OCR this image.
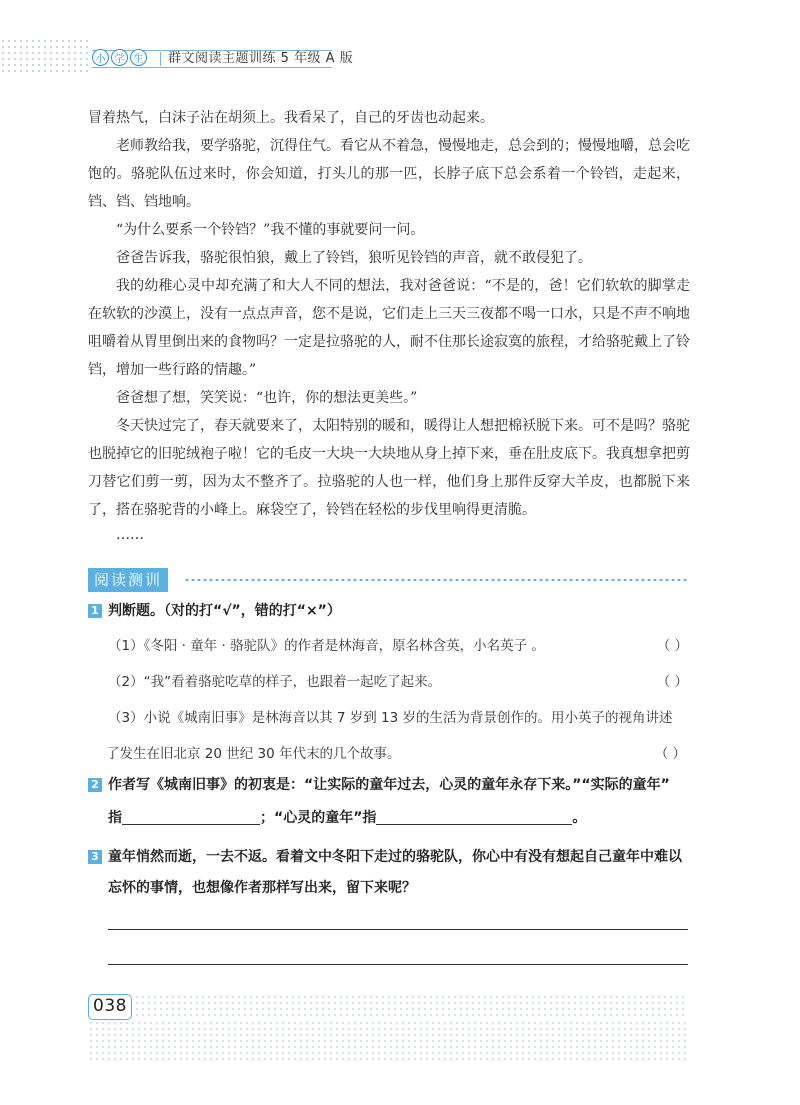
小 学 生 群文阅读主题训练 5 年级 A 版

冒着热气，白沫子沾在胡须上。我看呆了，自己的牙齿也动起来。

老师教给我，要学骆驼，沉得住气。看它从不着急，慢慢地走，总会到的；慢慢地嚼，总会吃饱的。骆驼队伍过来时，你会知道，打头儿的那一匹，长脖子底下总会系着一个铃铛，走起来，铛、铛、铛地响。

“为什么要系一个铃铛？”我不懂的事就要问一问。

爸爸告诉我，骆驼很怕狼，戴上了铃铛，狼听见铃铛的声音，就不敢侵犯了。

我的幼稚心灵中却充满了和大人不同的想法，我对爸爸说：“不是的，爸！它们软软的脚掌走在软软的沙漠上，没有一点点声音，您不是说，它们走上三天三夜都不喝一口水，只是不声不响地咀嚼着从胃里倒出来的食物吗？一定是拉骆驼的人，耐不住那长途寂寞的旅程，才给骆驼戴上了铃铛，增加一些行路的情趣。”

爸爸想了想，笑笑说：“也许，你的想法更美些。”

冬天快过完了，春天就要来了，太阳特别的暖和，暖得让人想把棉袄脱下来。可不是吗？骆驼也脱掉它的旧驼绒袍子啦！它的毛皮一大块一大块地从身上掉下来，垂在肚皮底下。我真想拿把剪刀替它们剪一剪，因为太不整齐了。拉骆驼的人也一样，他们身上那件反穿大羊皮，也都脱下来了，搭在骆驼背的小峰上。麻袋空了，铃铛在轻松的步伐里响得更清脆。

……

阅读测训
1 判断题。（对的打“√”，错的打“×”）
（1）《冬阳 · 童年 · 骆驼队》的作者是林海音，原名林含英，小名英子 。	（ ）
（2）“我”看着骆驼吃草的样子，也跟着一起吃了起来。	（ ）
（3）小说《城南旧事》是林海音以其 7 岁到 13 岁的生活为背景创作的。用小英子的视角讲述
了发生在旧北京 20 世纪 30 年代末的几个故事。	（ ）
2 作者写《城南旧事》的初衷是：“让实际的童年过去，心灵的童年永存下来。”“实际的童年”
指	；“心灵的童年”指	。
3 童年悄然而逝，一去不返。看着文中冬阳下走过的骆驼队，你心中有没有想起自己童年中难以
忘怀的事情，也想像作者那样写出来，留下来呢？
038
